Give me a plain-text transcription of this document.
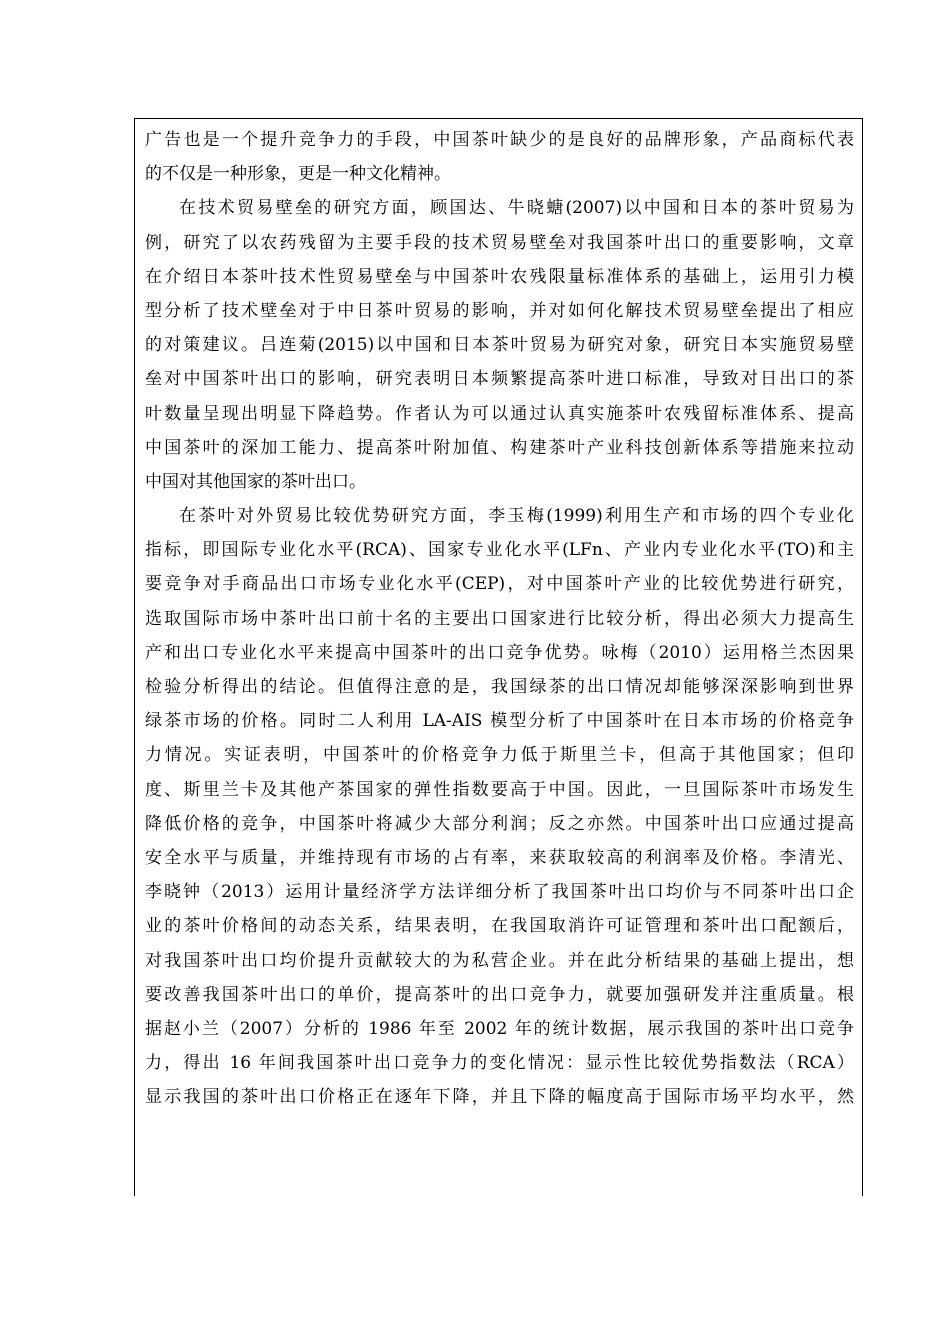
广告也是一个提升竞争力的手段，中国茶叶缺少的是良好的品牌形象，产品商标代表
的不仅是一种形象，更是一种文化精神。
在技术贸易壁垒的研究方面，顾国达、牛晓螗(2007)以中国和日本的茶叶贸易为
例，研究了以农药残留为主要手段的技术贸易壁垒对我国茶叶出口的重要影响，文章
在介绍日本茶叶技术性贸易壁垒与中国茶叶农残限量标准体系的基础上，运用引力模
型分析了技术壁垒对于中日茶叶贸易的影响，并对如何化解技术贸易壁垒提出了相应
的对策建议。吕连菊(2015)以中国和日本茶叶贸易为研究对象，研究日本实施贸易壁
垒对中国茶叶出口的影响，研究表明日本频繁提高茶叶进口标准，导致对日出口的茶
叶数量呈现出明显下降趋势。作者认为可以通过认真实施茶叶农残留标准体系、提高
中国茶叶的深加工能力、提高茶叶附加值、构建茶叶产业科技创新体系等措施来拉动
中国对其他国家的茶叶出口。
在茶叶对外贸易比较优势研究方面，李玉梅(1999)利用生产和市场的四个专业化
指标，即国际专业化水平(RCA)、国家专业化水平(LFn、产业内专业化水平(TO)和主
要竞争对手商品出口市场专业化水平(CEP)，对中国茶叶产业的比较优势进行研究，
选取国际市场中茶叶出口前十名的主要出口国家进行比较分析，得出必须大力提高生
产和出口专业化水平来提高中国茶叶的出口竞争优势。咏梅（2010）运用格兰杰因果
检验分析得出的结论。但值得注意的是，我国绿茶的出口情况却能够深深影响到世界
绿茶市场的价格。同时二人利用 LA-AIS 模型分析了中国茶叶在日本市场的价格竞争
力情况。实证表明，中国茶叶的价格竞争力低于斯里兰卡，但高于其他国家；但印
度、斯里兰卡及其他产茶国家的弹性指数要高于中国。因此，一旦国际茶叶市场发生
降低价格的竞争，中国茶叶将减少大部分利润；反之亦然。中国茶叶出口应通过提高
安全水平与质量，并维持现有市场的占有率，来获取较高的利润率及价格。李清光、
李晓钟（2013）运用计量经济学方法详细分析了我国茶叶出口均价与不同茶叶出口企
业的茶叶价格间的动态关系，结果表明，在我国取消许可证管理和茶叶出口配额后，
对我国茶叶出口均价提升贡献较大的为私营企业。并在此分析结果的基础上提出，想
要改善我国茶叶出口的单价，提高茶叶的出口竞争力，就要加强研发并注重质量。根
据赵小兰（2007）分析的 1986 年至 2002 年的统计数据，展示我国的茶叶出口竞争
力，得出 16 年间我国茶叶出口竞争力的变化情况：显示性比较优势指数法（RCA）
显示我国的茶叶出口价格正在逐年下降，并且下降的幅度高于国际市场平均水平，然
